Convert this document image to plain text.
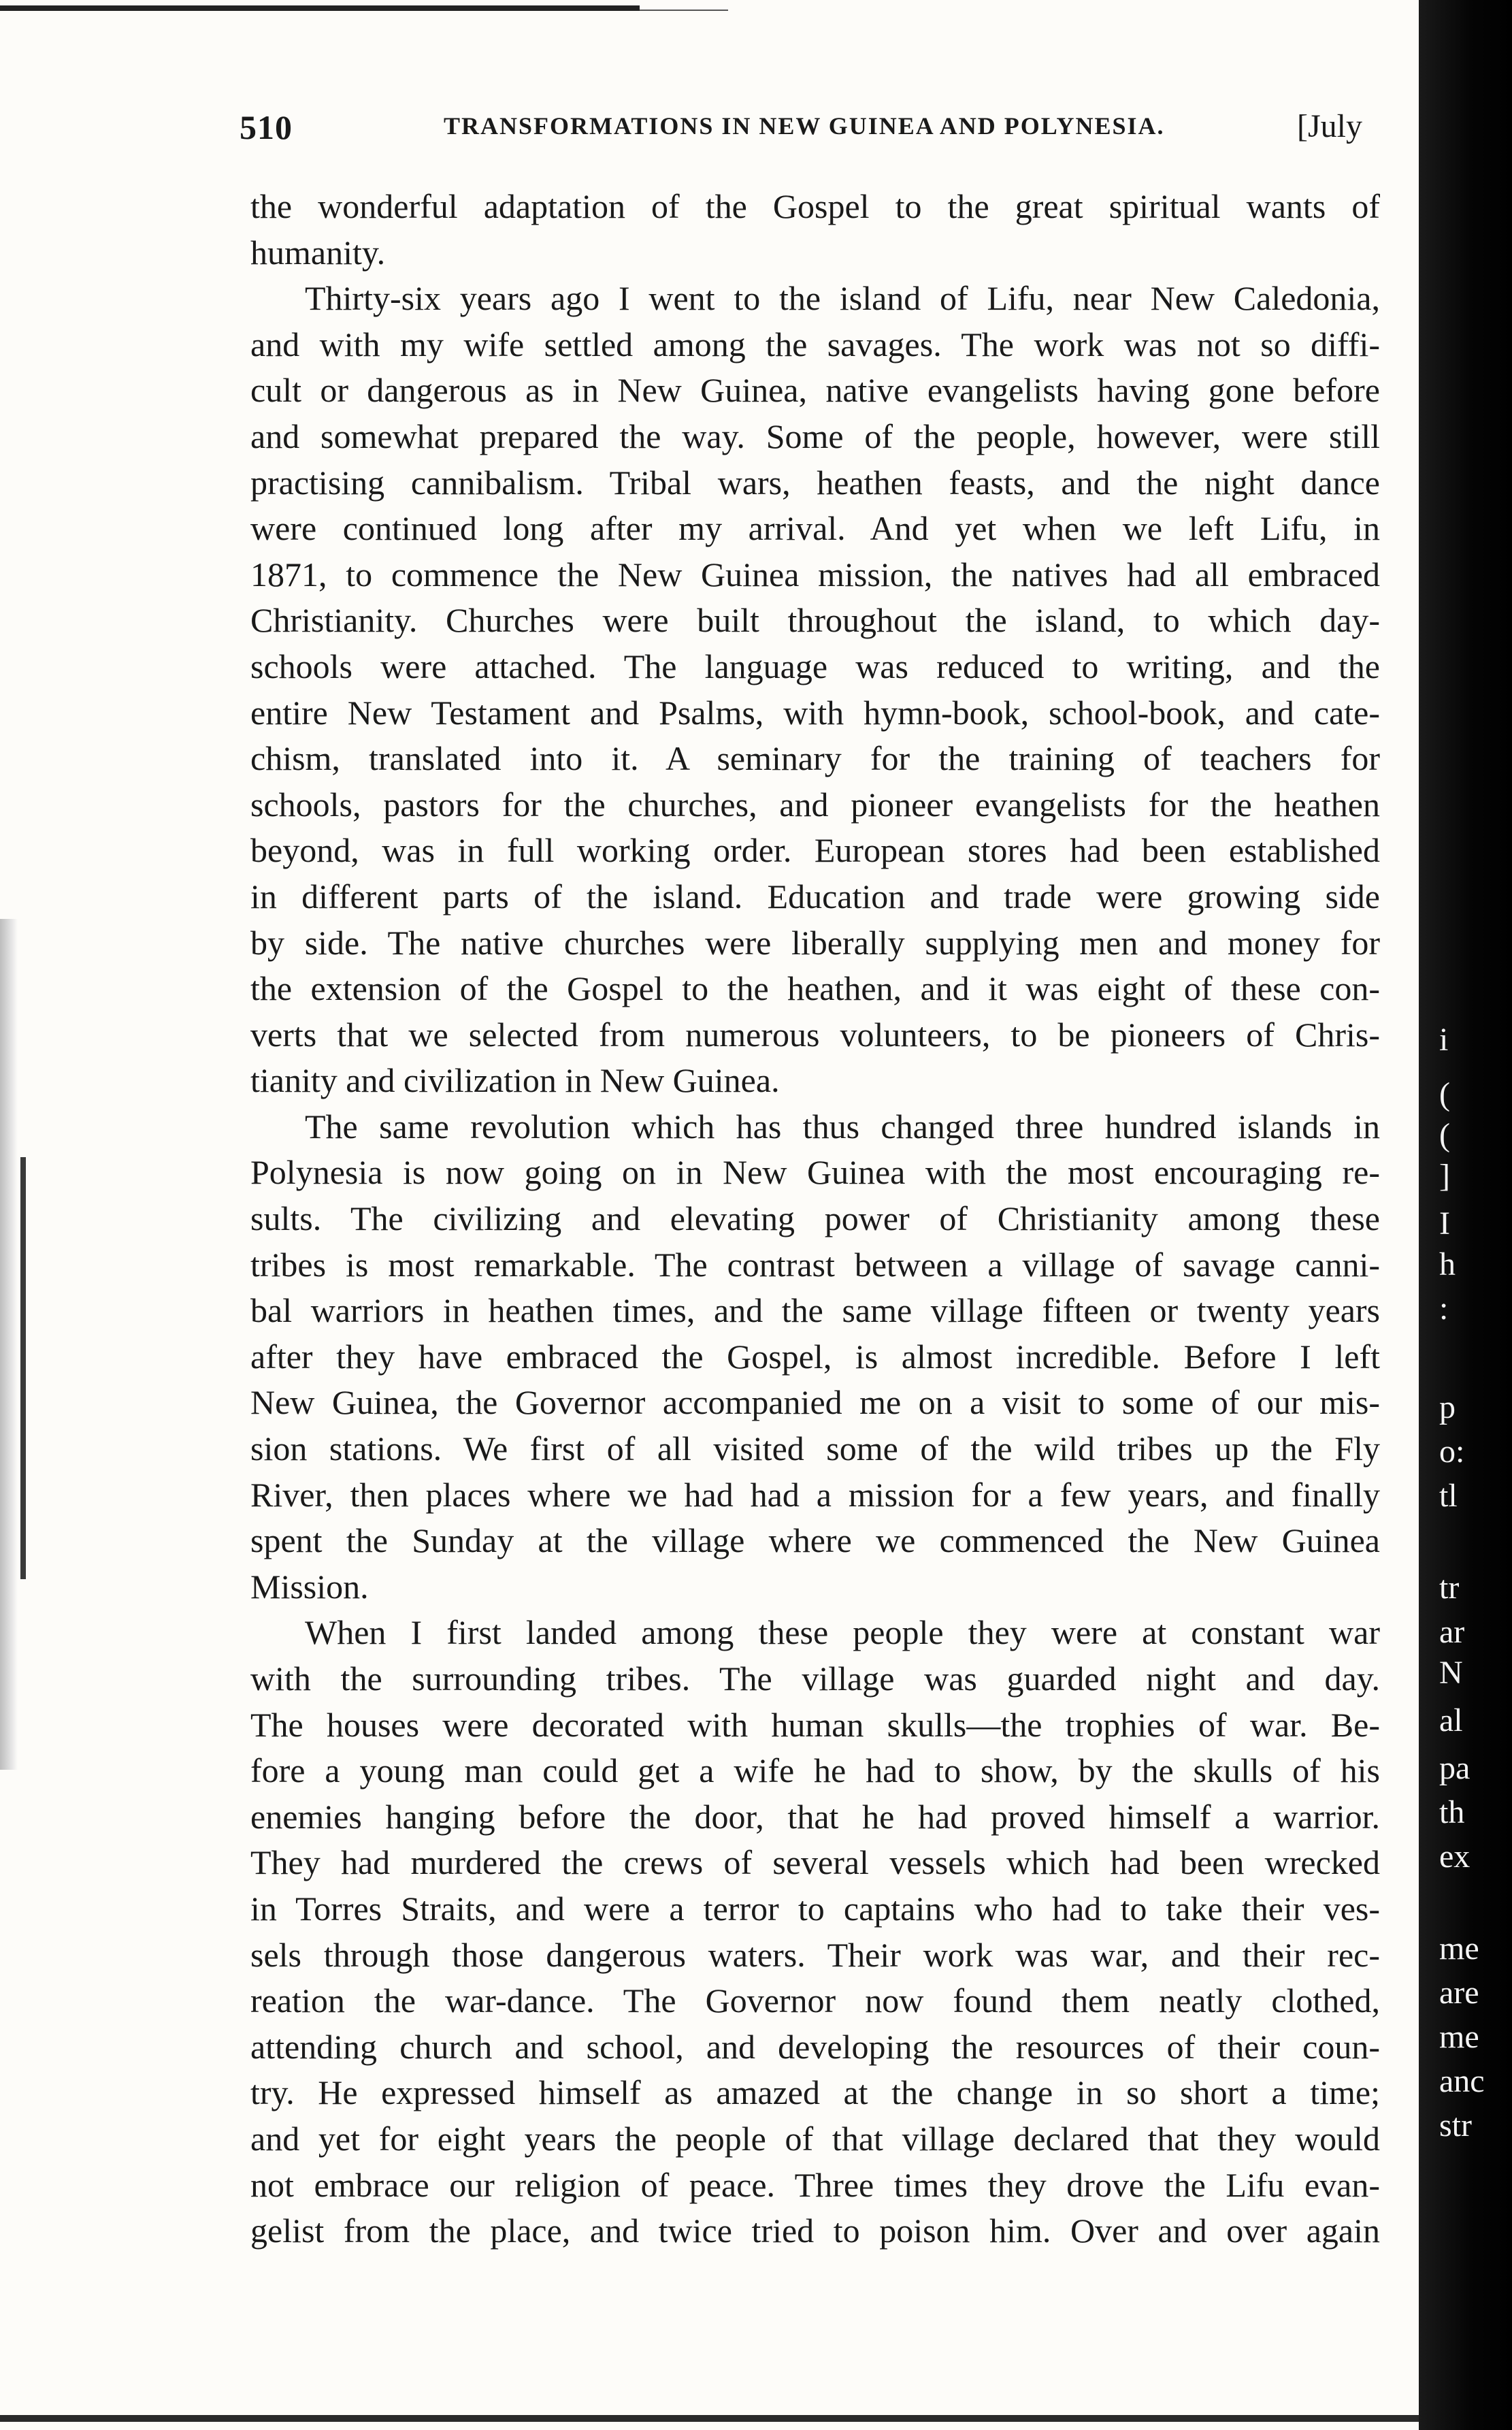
510	TRANSFORMATIONS IN NEW GUINEA AND POLYNESIA.	[July
the wonderful adaptation of the Gospel to the great spiritual wants of
humanity.
Thirty-six years ago I went to the island of Lifu, near New Caledonia,
and with my wife settled among the savages. The work was not so diffi-
cult or dangerous as in New Guinea, native evangelists having gone before
and somewhat prepared the way. Some of the people, however, were still
practising cannibalism. Tribal wars, heathen feasts, and the night dance
were continued long after my arrival. And yet when we left Lifu, in
1871, to commence the New Guinea mission, the natives had all embraced
Christianity. Churches were built throughout the island, to which day-
schools were attached. The language was reduced to writing, and the
entire New Testament and Psalms, with hymn-book, school-book, and cate-
chism, translated into it. A seminary for the training of teachers for
schools, pastors for the churches, and pioneer evangelists for the heathen
beyond, was in full working order. European stores had been established
in different parts of the island. Education and trade were growing side
by side. The native churches were liberally supplying men and money for
the extension of the Gospel to the heathen, and it was eight of these con-
verts that we selected from numerous volunteers, to be pioneers of Chris-
tianity and civilization in New Guinea.
The same revolution which has thus changed three hundred islands in
Polynesia is now going on in New Guinea with the most encouraging re-
sults. The civilizing and elevating power of Christianity among these
tribes is most remarkable. The contrast between a village of savage canni-
bal warriors in heathen times, and the same village fifteen or twenty years
after they have embraced the Gospel, is almost incredible. Before I left
New Guinea, the Governor accompanied me on a visit to some of our mis-
sion stations. We first of all visited some of the wild tribes up the Fly
River, then places where we had had a mission for a few years, and finally
spent the Sunday at the village where we commenced the New Guinea
Mission.
When I first landed among these people they were at constant war
with the surrounding tribes. The village was guarded night and day.
The houses were decorated with human skulls—the trophies of war. Be-
fore a young man could get a wife he had to show, by the skulls of his
enemies hanging before the door, that he had proved himself a warrior.
They had murdered the crews of several vessels which had been wrecked
in Torres Straits, and were a terror to captains who had to take their ves-
sels through those dangerous waters. Their work was war, and their rec-
reation the war-dance. The Governor now found them neatly clothed,
attending church and school, and developing the resources of their coun-
try. He expressed himself as amazed at the change in so short a time;
and yet for eight years the people of that village declared that they would
not embrace our religion of peace. Three times they drove the Lifu evan-
gelist from the place, and twice tried to poison him. Over and over again
i
(
(
]
I
h
:
p
o:
tl
tr
ar
N
al
pa
th
ex
me
are
me
anc
str
